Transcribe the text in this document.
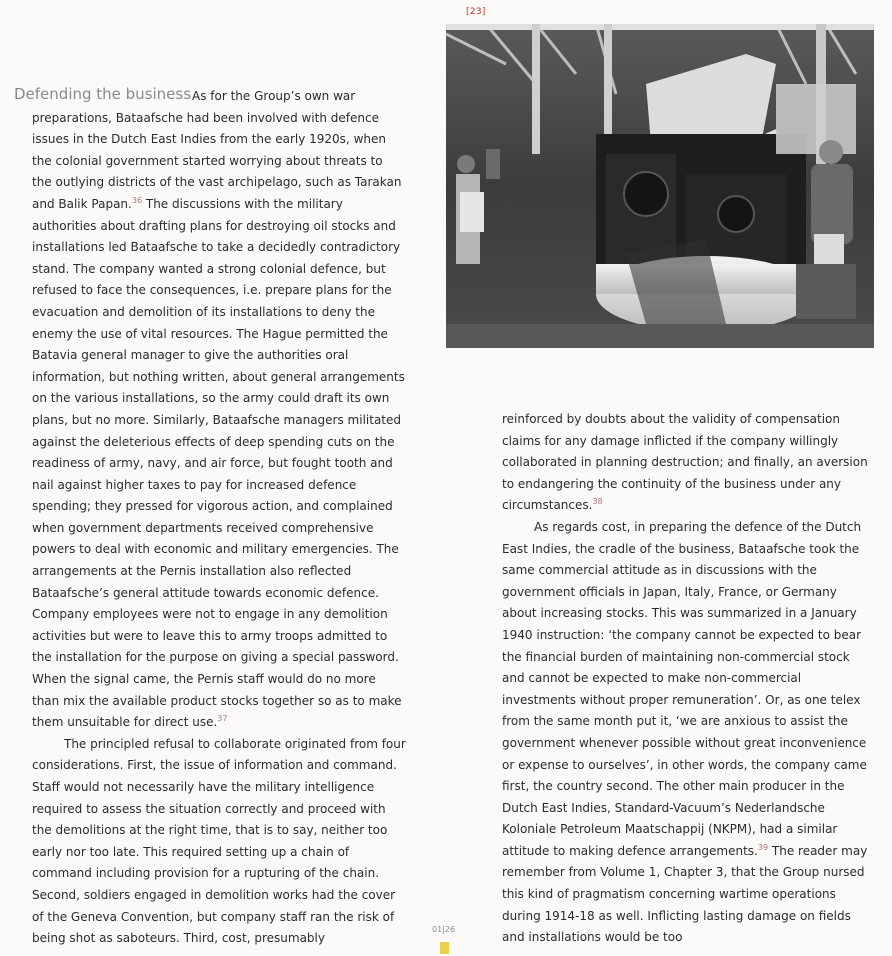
[23]
Defending the business As for the Group’s own war preparations, Bataafsche had been involved with defence issues in the Dutch East Indies from the early 1920s, when the colonial government started worrying about threats to the outlying districts of the vast archipelago, such as Tarakan and Balik Papan.$^{36}$ The discussions with the military authorities about drafting plans for destroying oil stocks and installations led Bataafsche to take a decidedly contradictory stand. The company wanted a strong colonial defence, but refused to face the consequences, i.e. prepare plans for the evacuation and demolition of its installations to deny the enemy the use of vital resources. The Hague permitted the Batavia general manager to give the authorities oral information, but nothing written, about general arrangements on the various installations, so the army could draft its own plans, but no more. Similarly, Bataafsche managers militated against the deleterious effects of deep spending cuts on the readiness of army, navy, and air force, but fought tooth and nail against higher taxes to pay for increased defence spending; they pressed for vigorous action, and complained when government departments received comprehensive powers to deal with economic and military emergencies. The arrangements at the Pernis installation also reflected Bataafsche’s general attitude towards economic defence. Company employees were not to engage in any demolition activities but were to leave this to army troops admitted to the installation for the purpose on giving a special password. When the signal came, the Pernis staff would do no more than mix the available product stocks together so as to make them unsuitable for direct use.$^{37}$

The principled refusal to collaborate originated from four considerations. First, the issue of information and command. Staff would not necessarily have the military intelligence required to assess the situation correctly and proceed with the demolitions at the right time, that is to say, neither too early nor too late. This required setting up a chain of command including provision for a rupturing of the chain. Second, soldiers engaged in demolition works had the cover of the Geneva Convention, but company staff ran the risk of being shot as saboteurs. Third, cost, presumably

reinforced by doubts about the validity of compensation claims for any damage inflicted if the company willingly collaborated in planning destruction; and finally, an aversion to endangering the continuity of the business under any circumstances.$^{38}$

As regards cost, in preparing the defence of the Dutch East Indies, the cradle of the business, Bataafsche took the same commercial attitude as in discussions with the government officials in Japan, Italy, France, or Germany about increasing stocks. This was summarized in a January 1940 instruction: ‘the company cannot be expected to bear the financial burden of maintaining non-commercial stock and cannot be expected to make non-commercial investments without proper remuneration’. Or, as one telex from the same month put it, ‘we are anxious to assist the government whenever possible without great inconvenience or expense to ourselves’, in other words, the company came first, the country second. The other main producer in the Dutch East Indies, Standard-Vacuum’s Nederlandsche Koloniale Petroleum Maatschappij (NKPM), had a similar attitude to making defence arrangements.$^{39}$ The reader may remember from Volume 1, Chapter 3, that the Group nursed this kind of pragmatism concerning wartime operations during 1914-18 as well. Inflicting lasting damage on fields and installations would be too

01|26
